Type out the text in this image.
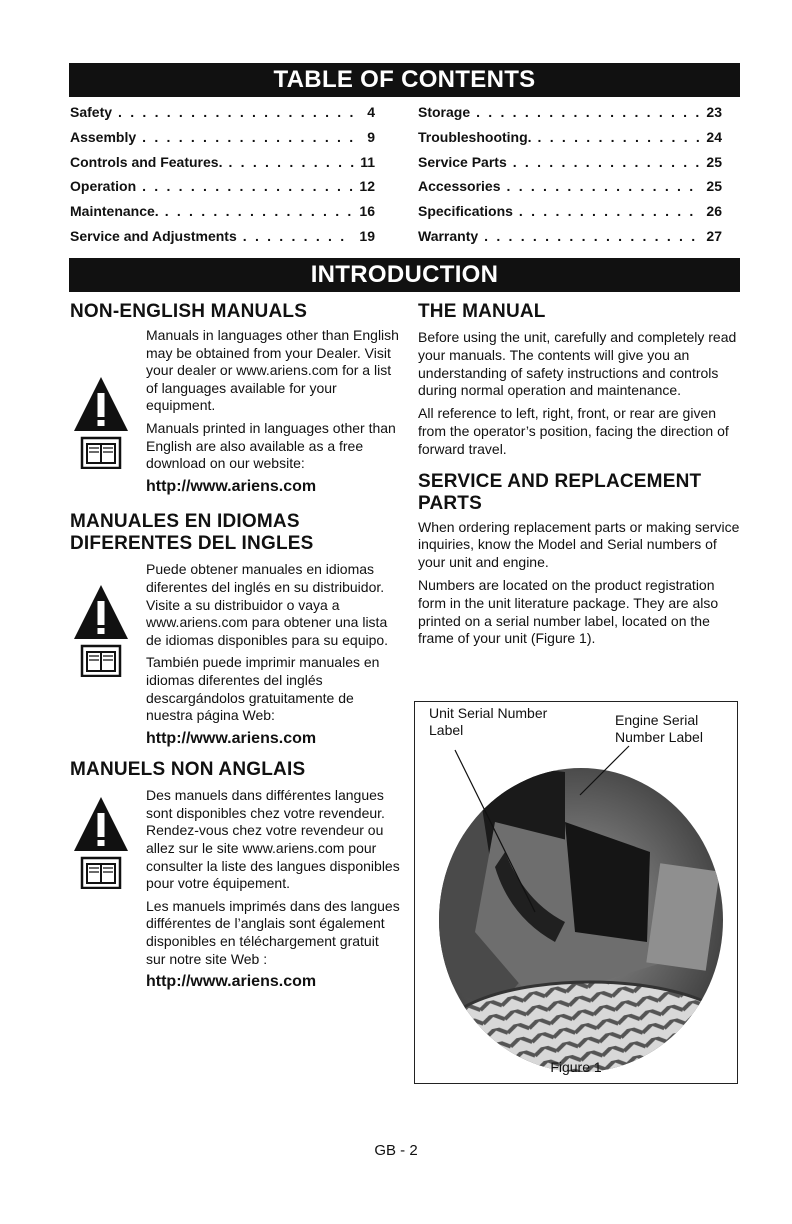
TABLE OF CONTENTS
Safety . . .	4
Assembly . . .	9
Controls and Features. . . .	11
Operation . . .	12
Maintenance. . . .	16
Service and Adjustments . . .	19
Storage . . .	23
Troubleshooting. . . .	24
Service Parts . . .	25
Accessories . . .	25
Specifications . . .	26
Warranty . . .	27
INTRODUCTION
NON-ENGLISH MANUALS

Manuals in languages other than English may be obtained from your Dealer. Visit your dealer or www.ariens.com for a list of languages available for your equipment.

Manuals printed in languages other than English are also available as a free download on our website:

http://www.ariens.com

MANUALES EN IDIOMAS DIFERENTES DEL INGLES

Puede obtener manuales en idiomas diferentes del inglés en su distribuidor. Visite a su distribuidor o vaya a www.ariens.com para obtener una lista de idiomas disponibles para su equipo.

También puede imprimir manuales en idiomas diferentes del inglés descargándolos gratuitamente de nuestra página Web:

http://www.ariens.com

MANUELS NON ANGLAIS

Des manuels dans différentes langues sont disponibles chez votre revendeur. Rendez-vous chez votre revendeur ou allez sur le site www.ariens.com pour consulter la liste des langues disponibles pour votre équipement.

Les manuels imprimés dans des langues différentes de l’anglais sont également disponibles en téléchargement gratuit sur notre site Web :

http://www.ariens.com

THE MANUAL

Before using the unit, carefully and completely read your manuals. The contents will give you an understanding of safety instructions and controls during normal operation and maintenance.

All reference to left, right, front, or rear are given from the operator’s position, facing the direction of forward travel.

SERVICE AND REPLACEMENT PARTS

When ordering replacement parts or making service inquiries, know the Model and Serial numbers of your unit and engine.

Numbers are located on the product registration form in the unit literature package. They are also printed on a serial number label, located on the frame of your unit (Figure 1).

Unit Serial Number Label
Engine Serial Number Label
Figure 1
GB - 2
